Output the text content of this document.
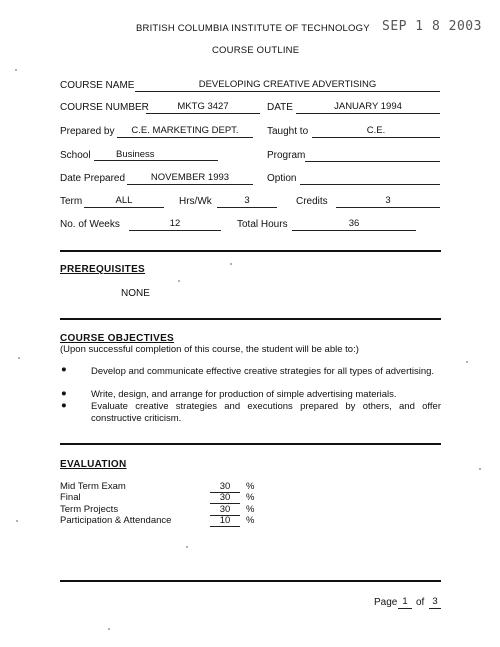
BRITISH COLUMBIA INSTITUTE OF TECHNOLOGY SEP 1 8 2003
COURSE OUTLINE
COURSE NAME	DEVELOPING CREATIVE ADVERTISING
COURSE NUMBER	MKTG 3427	DATE	JANUARY 1994
Prepared by	C.E. MARKETING DEPT.	Taught to	C.E.
School	Business	Program
Date Prepared	NOVEMBER 1993	Option
Term	ALL	Hrs/Wk	3	Credits	3
No. of Weeks	12	Total Hours	36
PREREQUISITES
NONE
COURSE OBJECTIVES
(Upon successful completion of this course, the student will be able to:)
●	Develop and communicate effective creative strategies for all types of advertising.
●	Write, design, and arrange for production of simple advertising materials.
●	Evaluate creative strategies and executions prepared by others, and offer constructive criticism.
EVALUATION
Mid Term Exam	30	%
Final	30	%
Term Projects	30	%
Participation & Attendance	10	%
Page 1 of 3
